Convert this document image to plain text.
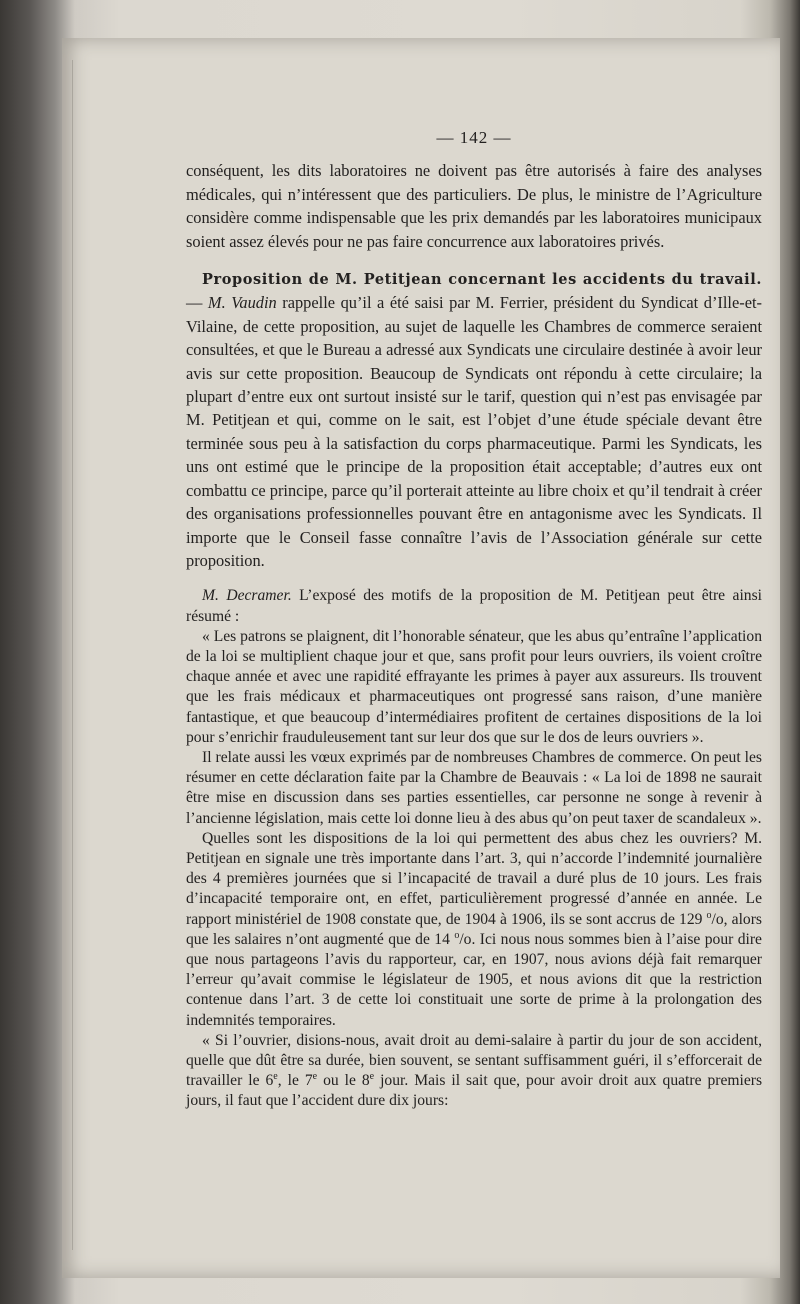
— 142 —

conséquent, les dits laboratoires ne doivent pas être autorisés à faire des analyses médicales, qui n’intéressent que des particuliers. De plus, le ministre de l’Agriculture considère comme indispensable que les prix demandés par les laboratoires municipaux soient assez élevés pour ne pas faire concurrence aux laboratoires privés.

Proposition de M. Petitjean concernant les accidents du travail.— M. Vaudin rappelle qu’il a été saisi par M. Ferrier, président du Syndicat d’Ille-et-Vilaine, de cette proposition, au sujet de laquelle les Chambres de commerce seraient consultées, et que le Bureau a adressé aux Syndicats une circulaire destinée à avoir leur avis sur cette proposition. Beaucoup de Syndicats ont répondu à cette circulaire; la plupart d’entre eux ont surtout insisté sur le tarif, question qui n’est pas envisagée par M. Petitjean et qui, comme on le sait, est l’objet d’une étude spéciale devant être terminée sous peu à la satisfaction du corps pharmaceutique. Parmi les Syndicats, les uns ont estimé que le principe de la proposition était acceptable; d’autres eux ont combattu ce principe, parce qu’il porterait atteinte au libre choix et qu’il tendrait à créer des organisations professionnelles pouvant être en antagonisme avec les Syndicats. Il importe que le Conseil fasse connaître l’avis de l’Association générale sur cette proposition.

M. Decramer. L’exposé des motifs de la proposition de M. Petitjean peut être ainsi résumé :

« Les patrons se plaignent, dit l’honorable sénateur, que les abus qu’entraîne l’application de la loi se multiplient chaque jour et que, sans profit pour leurs ouvriers, ils voient croître chaque année et avec une rapidité effrayante les primes à payer aux assureurs. Ils trouvent que les frais médicaux et pharmaceutiques ont progressé sans raison, d’une manière fantastique, et que beaucoup d’intermédiaires profitent de certaines dispositions de la loi pour s’enrichir frauduleusement tant sur leur dos que sur le dos de leurs ouvriers ».

Il relate aussi les vœux exprimés par de nombreuses Chambres de commerce. On peut les résumer en cette déclaration faite par la Chambre de Beauvais : « La loi de 1898 ne saurait être mise en discussion dans ses parties essentielles, car personne ne songe à revenir à l’ancienne législation, mais cette loi donne lieu à des abus qu’on peut taxer de scandaleux ».

Quelles sont les dispositions de la loi qui permettent des abus chez les ouvriers? M. Petitjean en signale une très importante dans l’art. 3, qui n’accorde l’indemnité journalière des 4 premières journées que si l’incapacité de travail a duré plus de 10 jours. Les frais d’incapacité temporaire ont, en effet, particulièrement progressé d’année en année. Le rapport ministériel de 1908 constate que, de 1904 à 1906, ils se sont accrus de 129 $^o$/o, alors que les salaires n’ont augmenté que de 14 $^o$/o. Ici nous nous sommes bien à l’aise pour dire que nous partageons l’avis du rapporteur, car, en 1907, nous avions déjà fait remarquer l’erreur qu’avait commise le législateur de 1905, et nous avions dit que la restriction contenue dans l’art. 3 de cette loi constituait une sorte de prime à la prolongation des indemnités temporaires.

« Si l’ouvrier, disions-nous, avait droit au demi-salaire à partir du jour de son accident, quelle que dût être sa durée, bien souvent, se sentant suffisamment guéri, il s’efforcerait de travailler le 6e, le 7e ou le 8e jour. Mais il sait que, pour avoir droit aux quatre premiers jours, il faut que l’accident dure dix jours:
